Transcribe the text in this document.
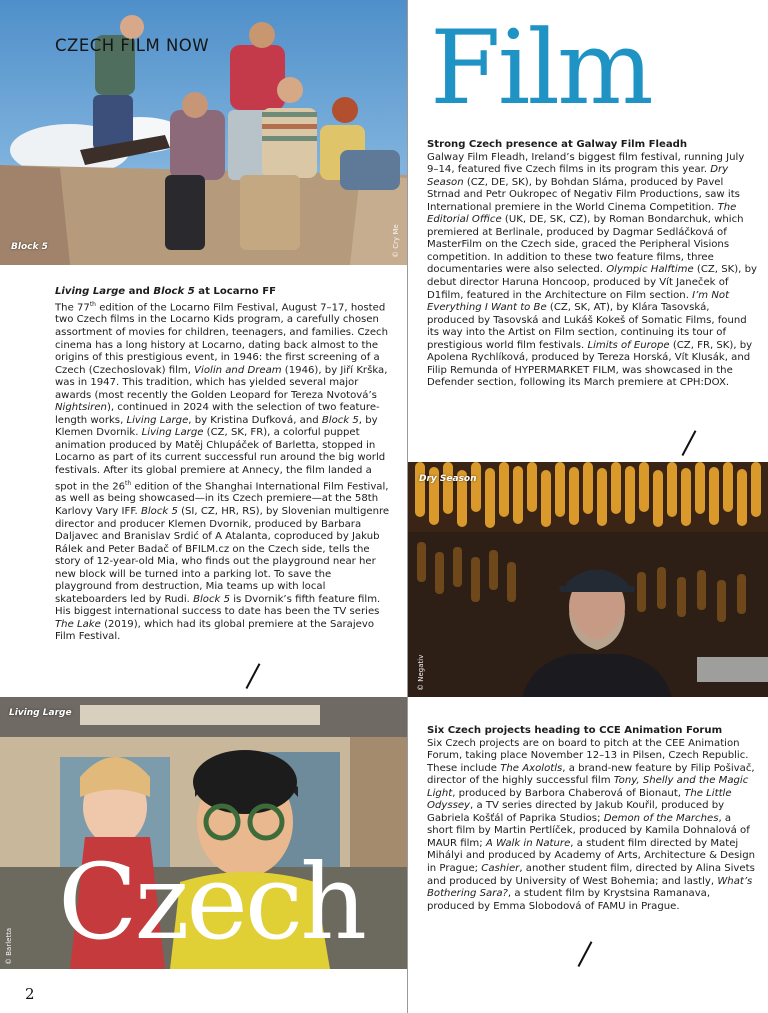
Block 5	© Cry Me
CZECH FILM NOW Film
Strong Czech presence at Galway Film Fleadh

Galway Film Fleadh, Ireland’s biggest film festival, running July 9–14, featured five Czech films in its program this year. Dry Season (CZ, DE, SK), by Bohdan Sláma, produced by Pavel Strnad and Petr Oukropec of Negativ Film Productions, saw its International premiere in the World Cinema Competition. The Editorial Office (UK, DE, SK, CZ), by Roman Bondarchuk, which premiered at Berlinale, produced by Dagmar Sedláčková of MasterFilm on the Czech side, graced the Peripheral Visions competition. In addition to these two feature films, three documentaries were also selected. Olympic Halftime (CZ, SK), by debut director Haruna Honcoop, produced by Vít Janeček of D1film, featured in the Architecture on Film section. I’m Not Everything I Want to Be (CZ, SK, AT), by Klára Tasovská, produced by Tasovská and Lukáš Kokeš of Somatic Films, found its way into the Artist on Film section, continuing its tour of prestigious world film festivals. Limits of Europe (CZ, FR, SK), by Apolena Rychlíková, produced by Tereza Horská, Vít Klusák, and Filip Remunda of HYPERMARKET FILM, was showcased in the Defender section, following its March premiere at CPH:DOX.

Living Large and Block 5 at Locarno FF

The 77th edition of the Locarno Film Festival, August 7–17, hosted two Czech films in the Locarno Kids program, a carefully chosen assortment of movies for children, teenagers, and families. Czech cinema has a long history at Locarno, dating back almost to the origins of this prestigious event, in 1946: the first screening of a Czech (Czechoslovak) film, Violin and Dream (1946), by Jiří Krška, was in 1947. This tradition, which has yielded several major awards (most recently the Golden Leopard for Tereza Nvotová’s Nightsiren), continued in 2024 with the selection of two feature-length works, Living Large, by Kristina Dufková, and Block 5, by Klemen Dvornik. Living Large (CZ, SK, FR), a colorful puppet animation produced by Matěj Chlupáček of Barletta, stopped in Locarno as part of its current successful run around the big world festivals. After its global premiere at Annecy, the film landed a spot in the 26th edition of the Shanghai International Film Festival, as well as being showcased—in its Czech premiere—at the 58th Karlovy Vary IFF. Block 5 (SI, CZ, HR, RS), by Slovenian multigenre director and producer Klemen Dvornik, produced by Barbara Daljavec and Branislav Srdić of A Atalanta, coproduced by Jakub Rálek and Peter Badač of BFILM.cz on the Czech side, tells the story of 12-year-old Mia, who finds out the playground near her new block will be turned into a parking lot. To save the playground from destruction, Mia teams up with local skateboarders led by Rudi. Block 5 is Dvornik’s fifth feature film. His biggest international success to date has been the TV series The Lake (2019), which had its global premiere at the Sarajevo Film Festival.

Dry Season
© Negativ
Living Large
© Barletta Czech
Six Czech projects heading to CCE Animation Forum

Six Czech projects are on board to pitch at the CEE Animation Forum, taking place November 12–13 in Pilsen, Czech Republic. These include The Axolotls, a brand-new feature by Filip Pošivač, director of the highly successful film Tony, Shelly and the Magic Light, produced by Barbora Chaberová of Bionaut, The Little Odyssey, a TV series directed by Jakub Kouřil, produced by Gabriela Košťál of Paprika Studios; Demon of the Marches, a short film by Martin Pertlíček, produced by Kamila Dohnalová of MAUR film; A Walk in Nature, a student film directed by Matej Mihályi and produced by Academy of Arts, Architecture & Design in Prague; Cashier, another student film, directed by Alina Sivets and produced by University of West Bohemia; and lastly, What’s Bothering Sara?, a student film by Krystsina Ramanava, produced by Emma Slobodová of FAMU in Prague.

2
